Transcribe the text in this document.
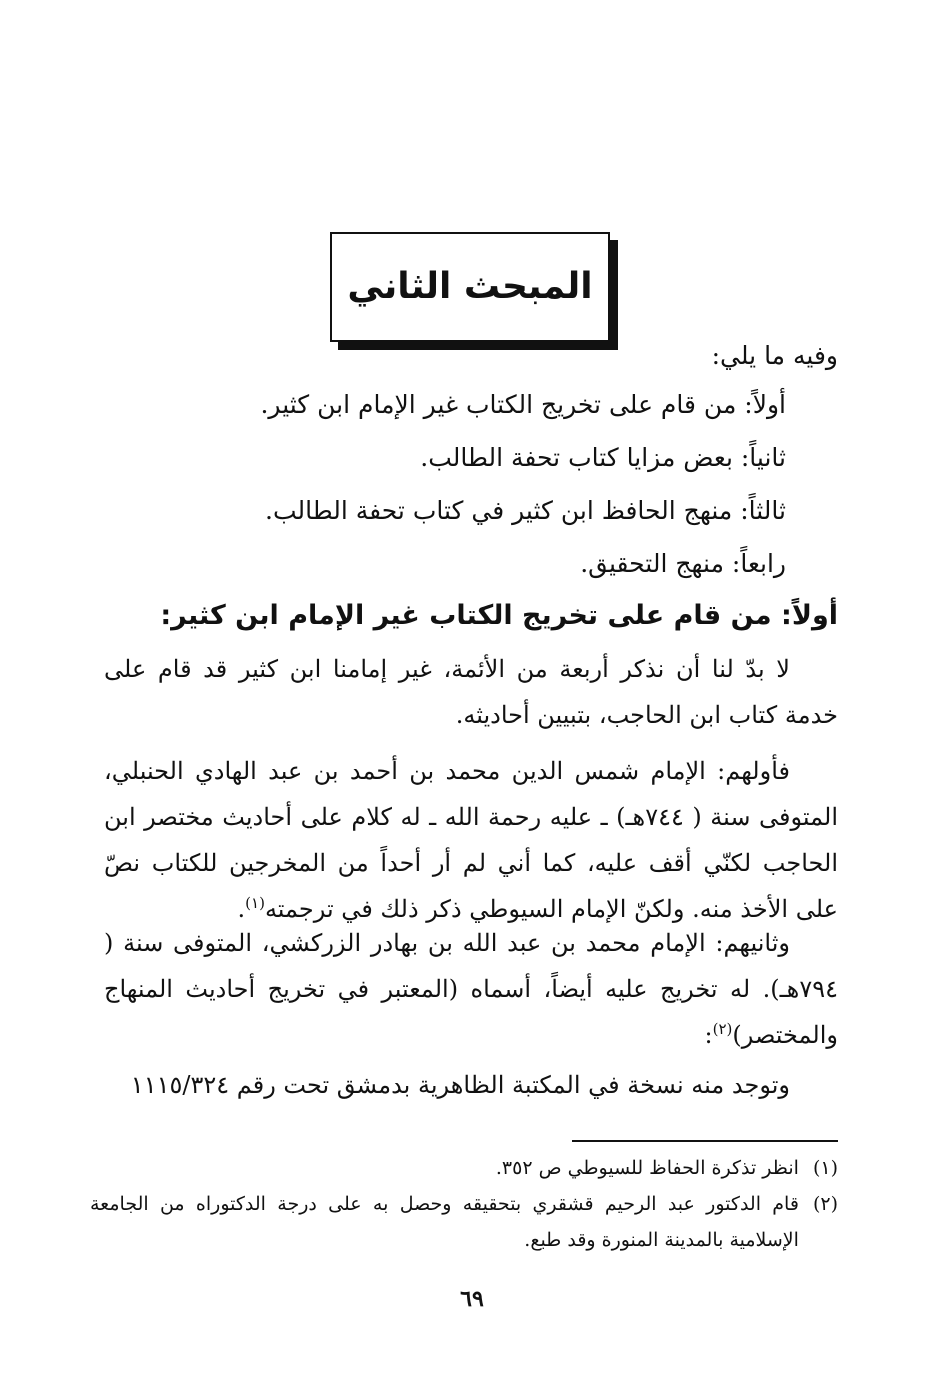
المبحث الثاني
وفيه ما يلي:
أولاً: من قام على تخريج الكتاب غير الإمام ابن كثير.
ثانياً: بعض مزايا كتاب تحفة الطالب.
ثالثاً: منهج الحافظ ابن كثير في كتاب تحفة الطالب.
رابعاً: منهج التحقيق.
أولاً: من قام على تخريج الكتاب غير الإمام ابن كثير:

لا بدّ لنا أن نذكر أربعة من الأئمة، غير إمامنا ابن كثير قد قام على خدمة كتاب ابن الحاجب، بتبيين أحاديثه.

فأولهم: الإمام شمس الدين محمد بن أحمد بن عبد الهادي الحنبلي، المتوفى سنة ( ٧٤٤هـ) ـ عليه رحمة الله ـ له كلام على أحاديث مختصر ابن الحاجب لكنّي أقف عليه، كما أني لم أر أحداً من المخرجين للكتاب نصّ على الأخذ منه. ولكنّ الإمام السيوطي ذكر ذلك في ترجمته$^{(١)}$.

وثانيهم: الإمام محمد بن عبد الله بن بهادر الزركشي، المتوفى سنة ( ٧٩٤هـ). له تخريج عليه أيضاً، أسماه (المعتبر في تخريج أحاديث المنهاج والمختصر)$^{(٢)}$:

وتوجد منه نسخة في المكتبة الظاهرية بدمشق تحت رقم ١١١٥/٣٢٤

(١)
انظر تذكرة الحفاظ للسيوطي ص ٣٥٢.
(٢)
قام الدكتور عبد الرحيم قشقري بتحقيقه وحصل به على درجة الدكتوراه من الجامعة الإسلامية بالمدينة المنورة وقد طبع.
٦٩
